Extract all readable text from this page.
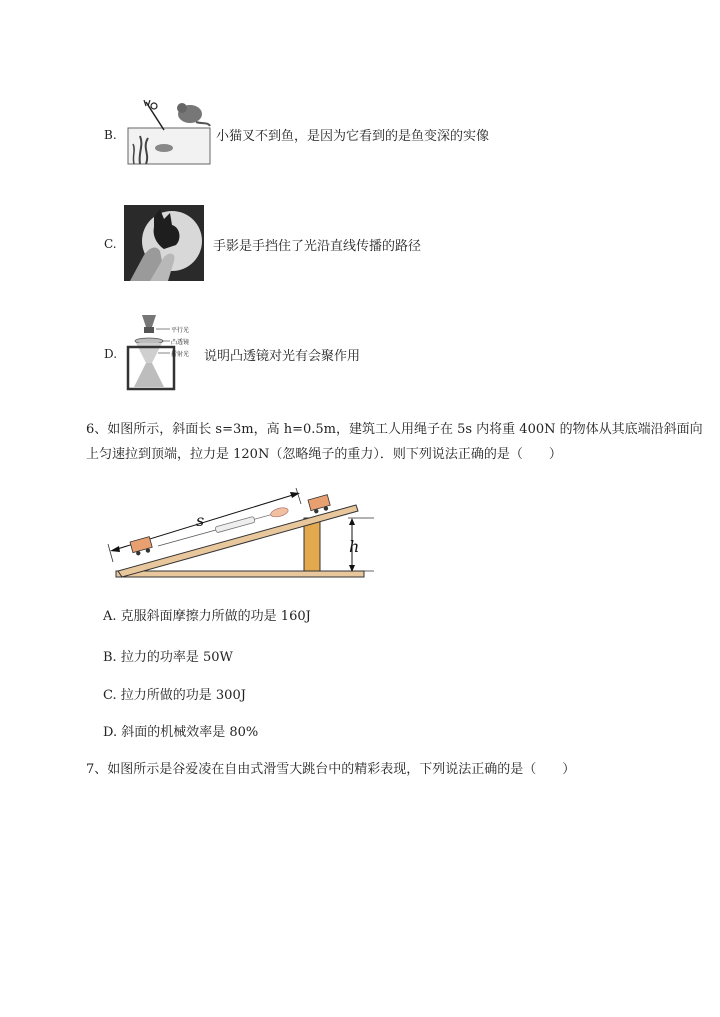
B.	小猫叉不到鱼，是因为它看到的是鱼变深的实像
C.	手影是手挡住了光沿直线传播的路径
D.
平行光
凸透镜
折射光 说明凸透镜对光有会聚作用
6、如图所示，斜面长 s=3m，高 h=0.5m，建筑工人用绳子在 5s 内将重 400N 的物体从其底端沿斜面向
上匀速拉到顶端，拉力是 120N（忽略绳子的重力）．则下列说法正确的是（　　）
h
s
A. 克服斜面摩擦力所做的功是 160J
B. 拉力的功率是 50W
C. 拉力所做的功是 300J
D. 斜面的机械效率是 80%
7、如图所示是谷爱凌在自由式滑雪大跳台中的精彩表现，下列说法正确的是（　　）
